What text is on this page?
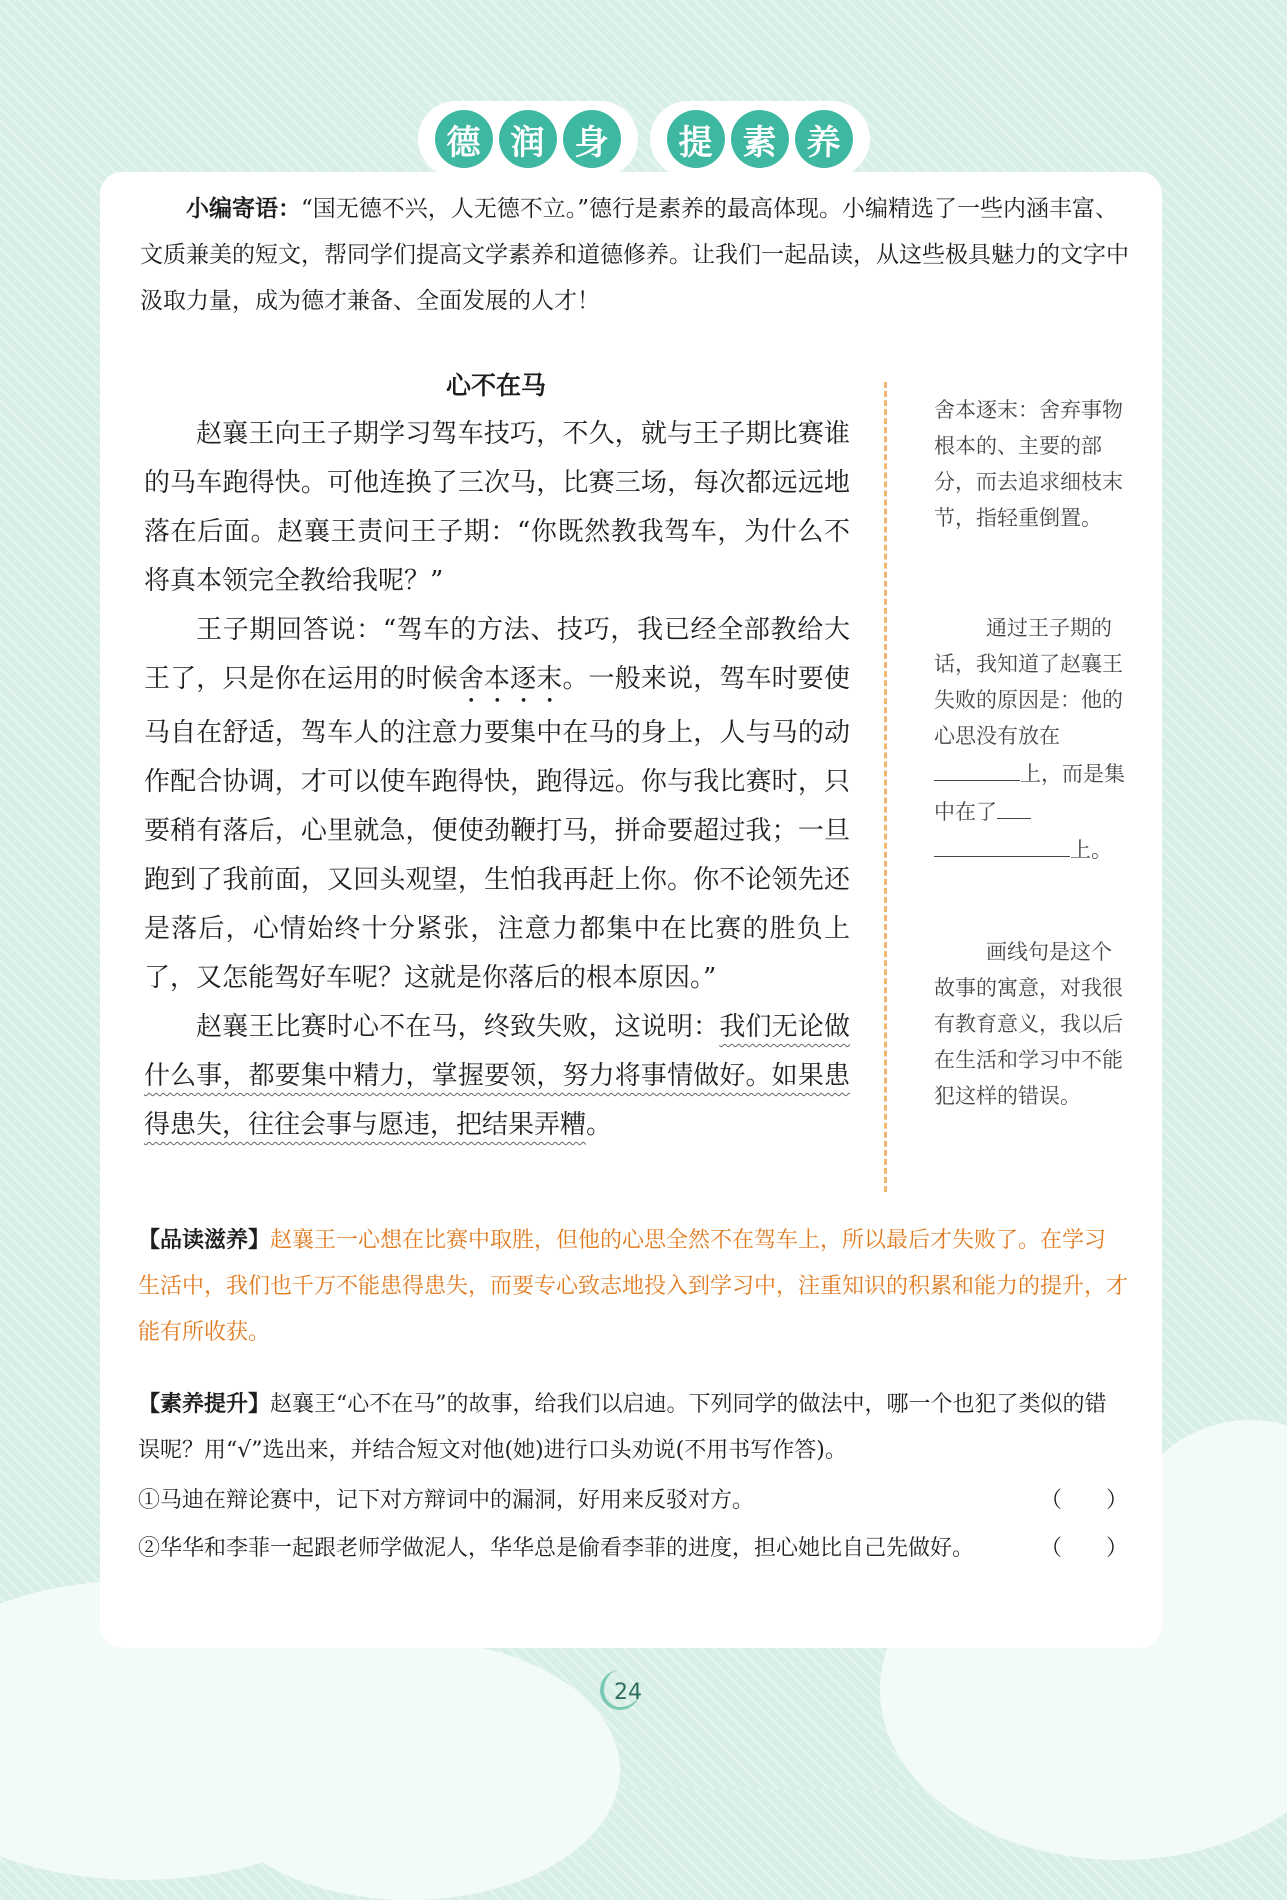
德 润 身	提 素 养
小编寄语：“国无德不兴，人无德不立。”德行是素养的最高体现。小编精选了一些内涵丰富、文质兼美的短文，帮同学们提高文学素养和道德修养。让我们一起品读，从这些极具魅力的文字中汲取力量，成为德才兼备、全面发展的人才！
心不在马

赵襄王向王子期学习驾车技巧，不久，就与王子期比赛谁的马车跑得快。可他连换了三次马，比赛三场，每次都远远地落在后面。赵襄王责问王子期：“你既然教我驾车，为什么不将真本领完全教给我呢？”

王子期回答说：“驾车的方法、技巧，我已经全部教给大王了，只是你在运用的时候舍本逐末。一般来说，驾车时要使马自在舒适，驾车人的注意力要集中在马的身上，人与马的动作配合协调，才可以使车跑得快，跑得远。你与我比赛时，只要稍有落后，心里就急，便使劲鞭打马，拼命要超过我；一旦跑到了我前面，又回头观望，生怕我再赶上你。你不论领先还是落后，心情始终十分紧张，注意力都集中在比赛的胜负上了，又怎能驾好车呢？这就是你落后的根本原因。”

赵襄王比赛时心不在马，终致失败，这说明：我们无论做什么事，都要集中精力，掌握要领，努力将事情做好。如果患得患失，往往会事与愿违，把结果弄糟。

舍本逐末：舍弃事物根本的、主要的部分，而去追求细枝末节，指轻重倒置。
通过王子期的话，我知道了赵襄王失败的原因是：他的心思没有放在上，而是集中在了
上。
画线句是这个故事的寓意，对我很有教育意义，我以后在生活和学习中不能犯这样的错误。
【品读滋养】赵襄王一心想在比赛中取胜，但他的心思全然不在驾车上，所以最后才失败了。在学习生活中，我们也千万不能患得患失，而要专心致志地投入到学习中，注重知识的积累和能力的提升，才能有所收获。
【素养提升】赵襄王“心不在马”的故事，给我们以启迪。下列同学的做法中，哪一个也犯了类似的错误呢？用“√”选出来，并结合短文对他(她)进行口头劝说(不用书写作答)。
①马迪在辩论赛中，记下对方辩词中的漏洞，好用来反驳对方。	（　　）
②华华和李菲一起跟老师学做泥人，华华总是偷看李菲的进度，担心她比自己先做好。	（　　）
24
